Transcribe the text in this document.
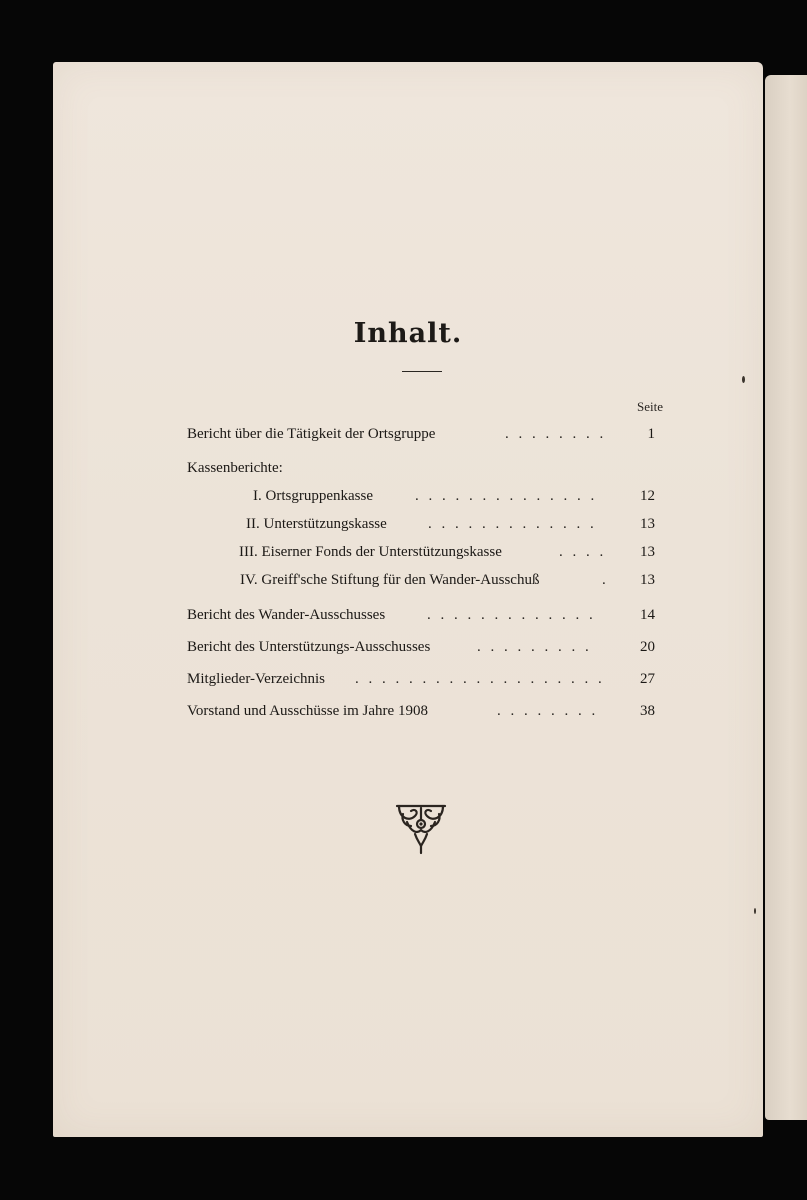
Inhalt.
Seite
Bericht über die Tätigkeit der Ortsgruppe	. . . . . . . .	1
Kassenberichte:
I. Ortsgruppenkasse	. . . . . . . . . . . . . .	12
II. Unterstützungskasse	. . . . . . . . . . . . .	13
III. Eiserner Fonds der Unterstützungskasse	. . . .	13
IV. Greiff'sche Stiftung für den Wander-Ausschuß	.	13
Bericht des Wander-Ausschusses	. . . . . . . . . . . . .	14
Bericht des Unterstützungs-Ausschusses	. . . . . . . . .	20
Mitglieder-Verzeichnis . . . . . . . . . . . . . . . . . . .	27
Vorstand und Ausschüsse im Jahre 1908	. . . . . . . .	38
